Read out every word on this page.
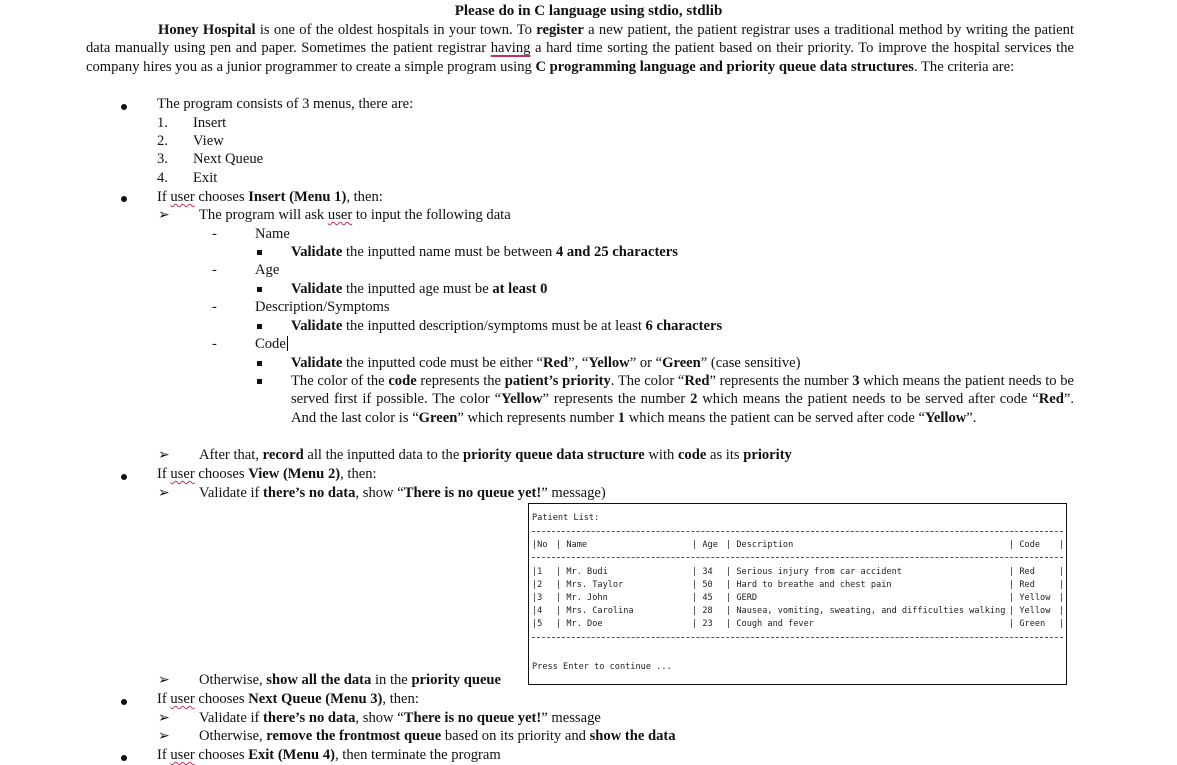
Please do in C language using stdio, stdlib
Honey Hospital is one of the oldest hospitals in your town. To register a new patient, the patient registrar uses a traditional method by writing the patient data manually using pen and paper. Sometimes the patient registrar having a hard time sorting the patient based on their priority. To improve the hospital services the company hires you as a junior programmer to create a simple program using C programming language and priority queue data structures. The criteria are:
The program consists of 3 menus, there are:
1. Insert
2. View
3. Next Queue
4. Exit
If user chooses Insert (Menu 1), then:
➢ The program will ask user to input the following data
-	Name
Validate the inputted name must be between 4 and 25 characters
-	Age
Validate the inputted age must be at least 0
-	Description/Symptoms
Validate the inputted description/symptoms must be at least 6 characters
-	Code
Validate the inputted code must be either “Red”, “Yellow” or “Green” (case sensitive)
The color of the code represents the patient’s priority. The color “Red” represents the number 3 which means the patient needs to be served first if possible. The color “Yellow” represents the number 2 which means the patient needs to be served after code “Red”. And the last color is “Green” which represents number 1 which means the patient can be served after code “Yellow”.
➢ After that, record all the inputted data to the priority queue data structure with code as its priority
If user chooses View (Menu 2), then:
➢ Validate if there’s no data, show “There is no queue yet!” message)
Patient List:
|No | Name	| Age | Description	| Code |
|1 | Mr. Budi	| 34 | Serious injury from car accident	| Red	|
|2 | Mrs. Taylor	| 50 | Hard to breathe and chest pain	| Red	|
|3 | Mr. John	| 45 | GERD	| Yellow |
|4 | Mrs. Carolina	| 28 | Nausea, vomiting, sweating, and difficulties walking | Yellow |
|5 | Mr. Doe	| 23 | Cough and fever	| Green |
Press Enter to continue ...
➢ Otherwise, show all the data in the priority queue
If user chooses Next Queue (Menu 3), then:
➢ Validate if there’s no data, show “There is no queue yet!” message
➢ Otherwise, remove the frontmost queue based on its priority and show the data
If user chooses Exit (Menu 4), then terminate the program
